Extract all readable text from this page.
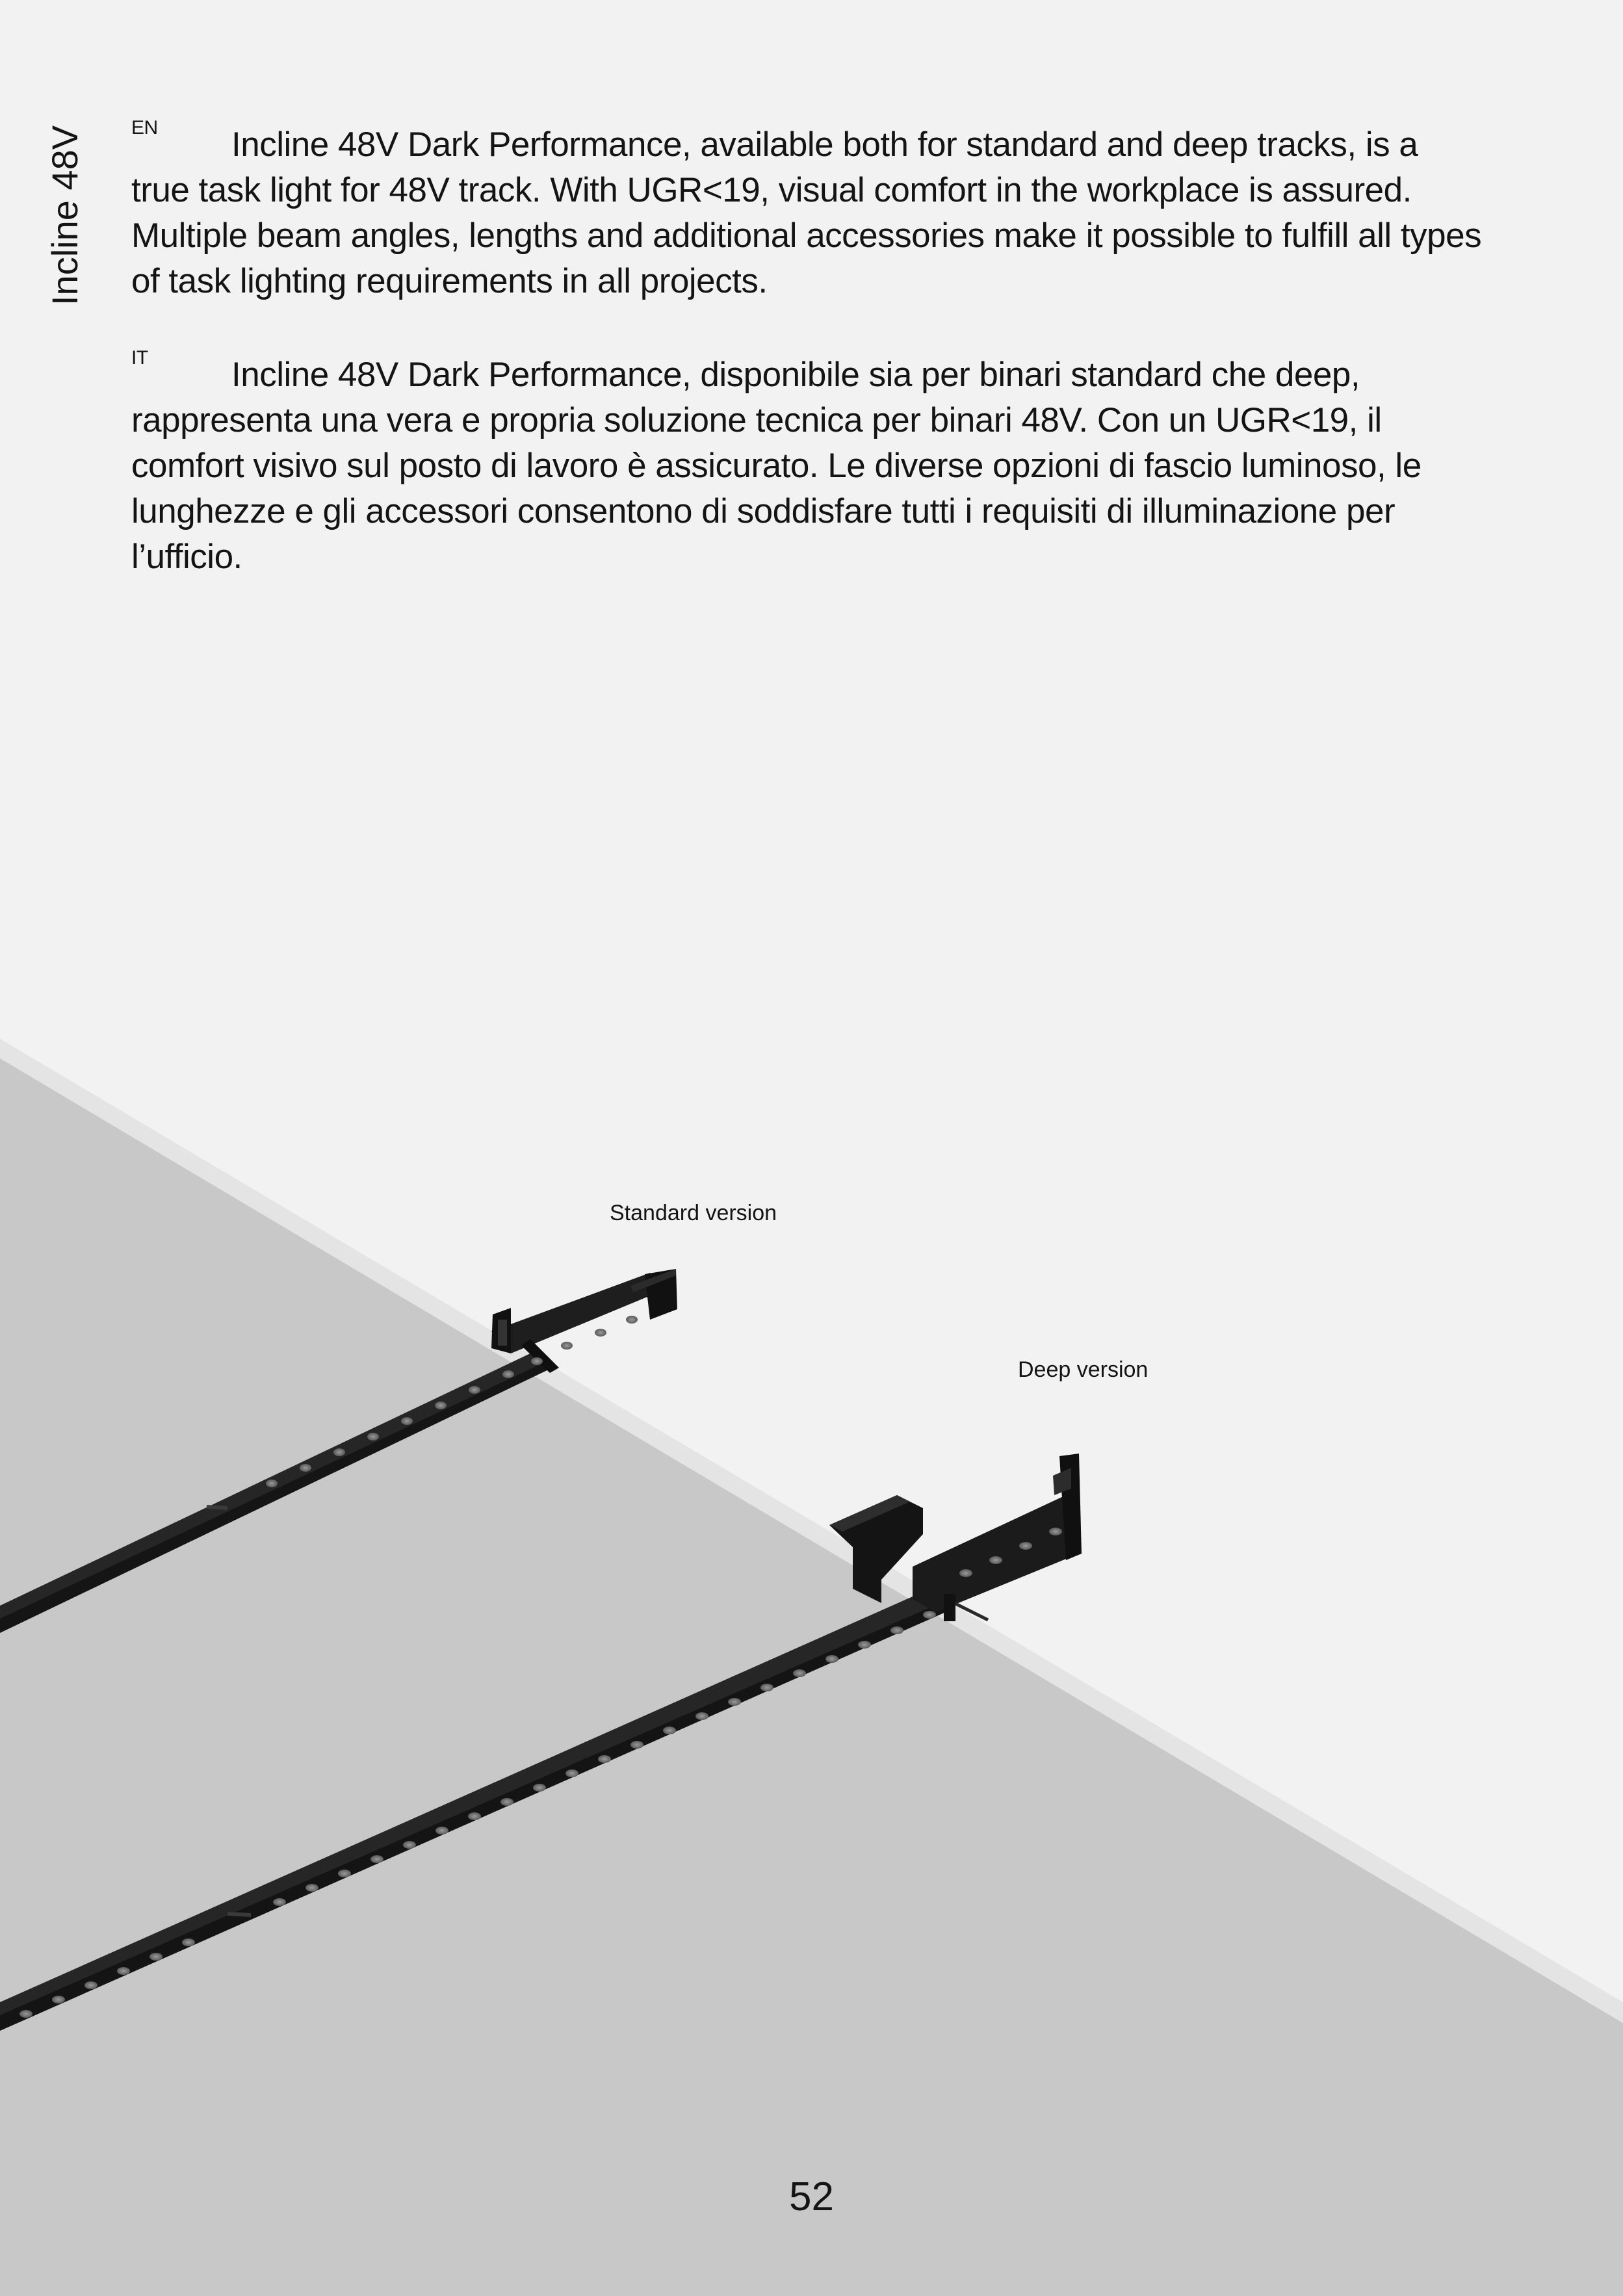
Incline 48V EN Incline 48V Dark Performance, available both for standard and deep tracks, is a true task light for 48V track. With UGR<19, visual comfort in the workplace is assured. Multiple beam angles, lengths and additional accessories make it possible to fulfill all types of task lighting requirements in all projects.

IT Incline 48V Dark Performance, disponibile sia per binari standard che deep, rappresenta una vera e propria soluzione tecnica per binari 48V. Con un UGR<19, il comfort visivo sul posto di lavoro è assicurato. Le diverse opzioni di fascio luminoso, le lunghezze e gli accessori consentono di soddisfare tutti i requisiti di illuminazione per l’ufficio.

Standard version
Deep version
52
